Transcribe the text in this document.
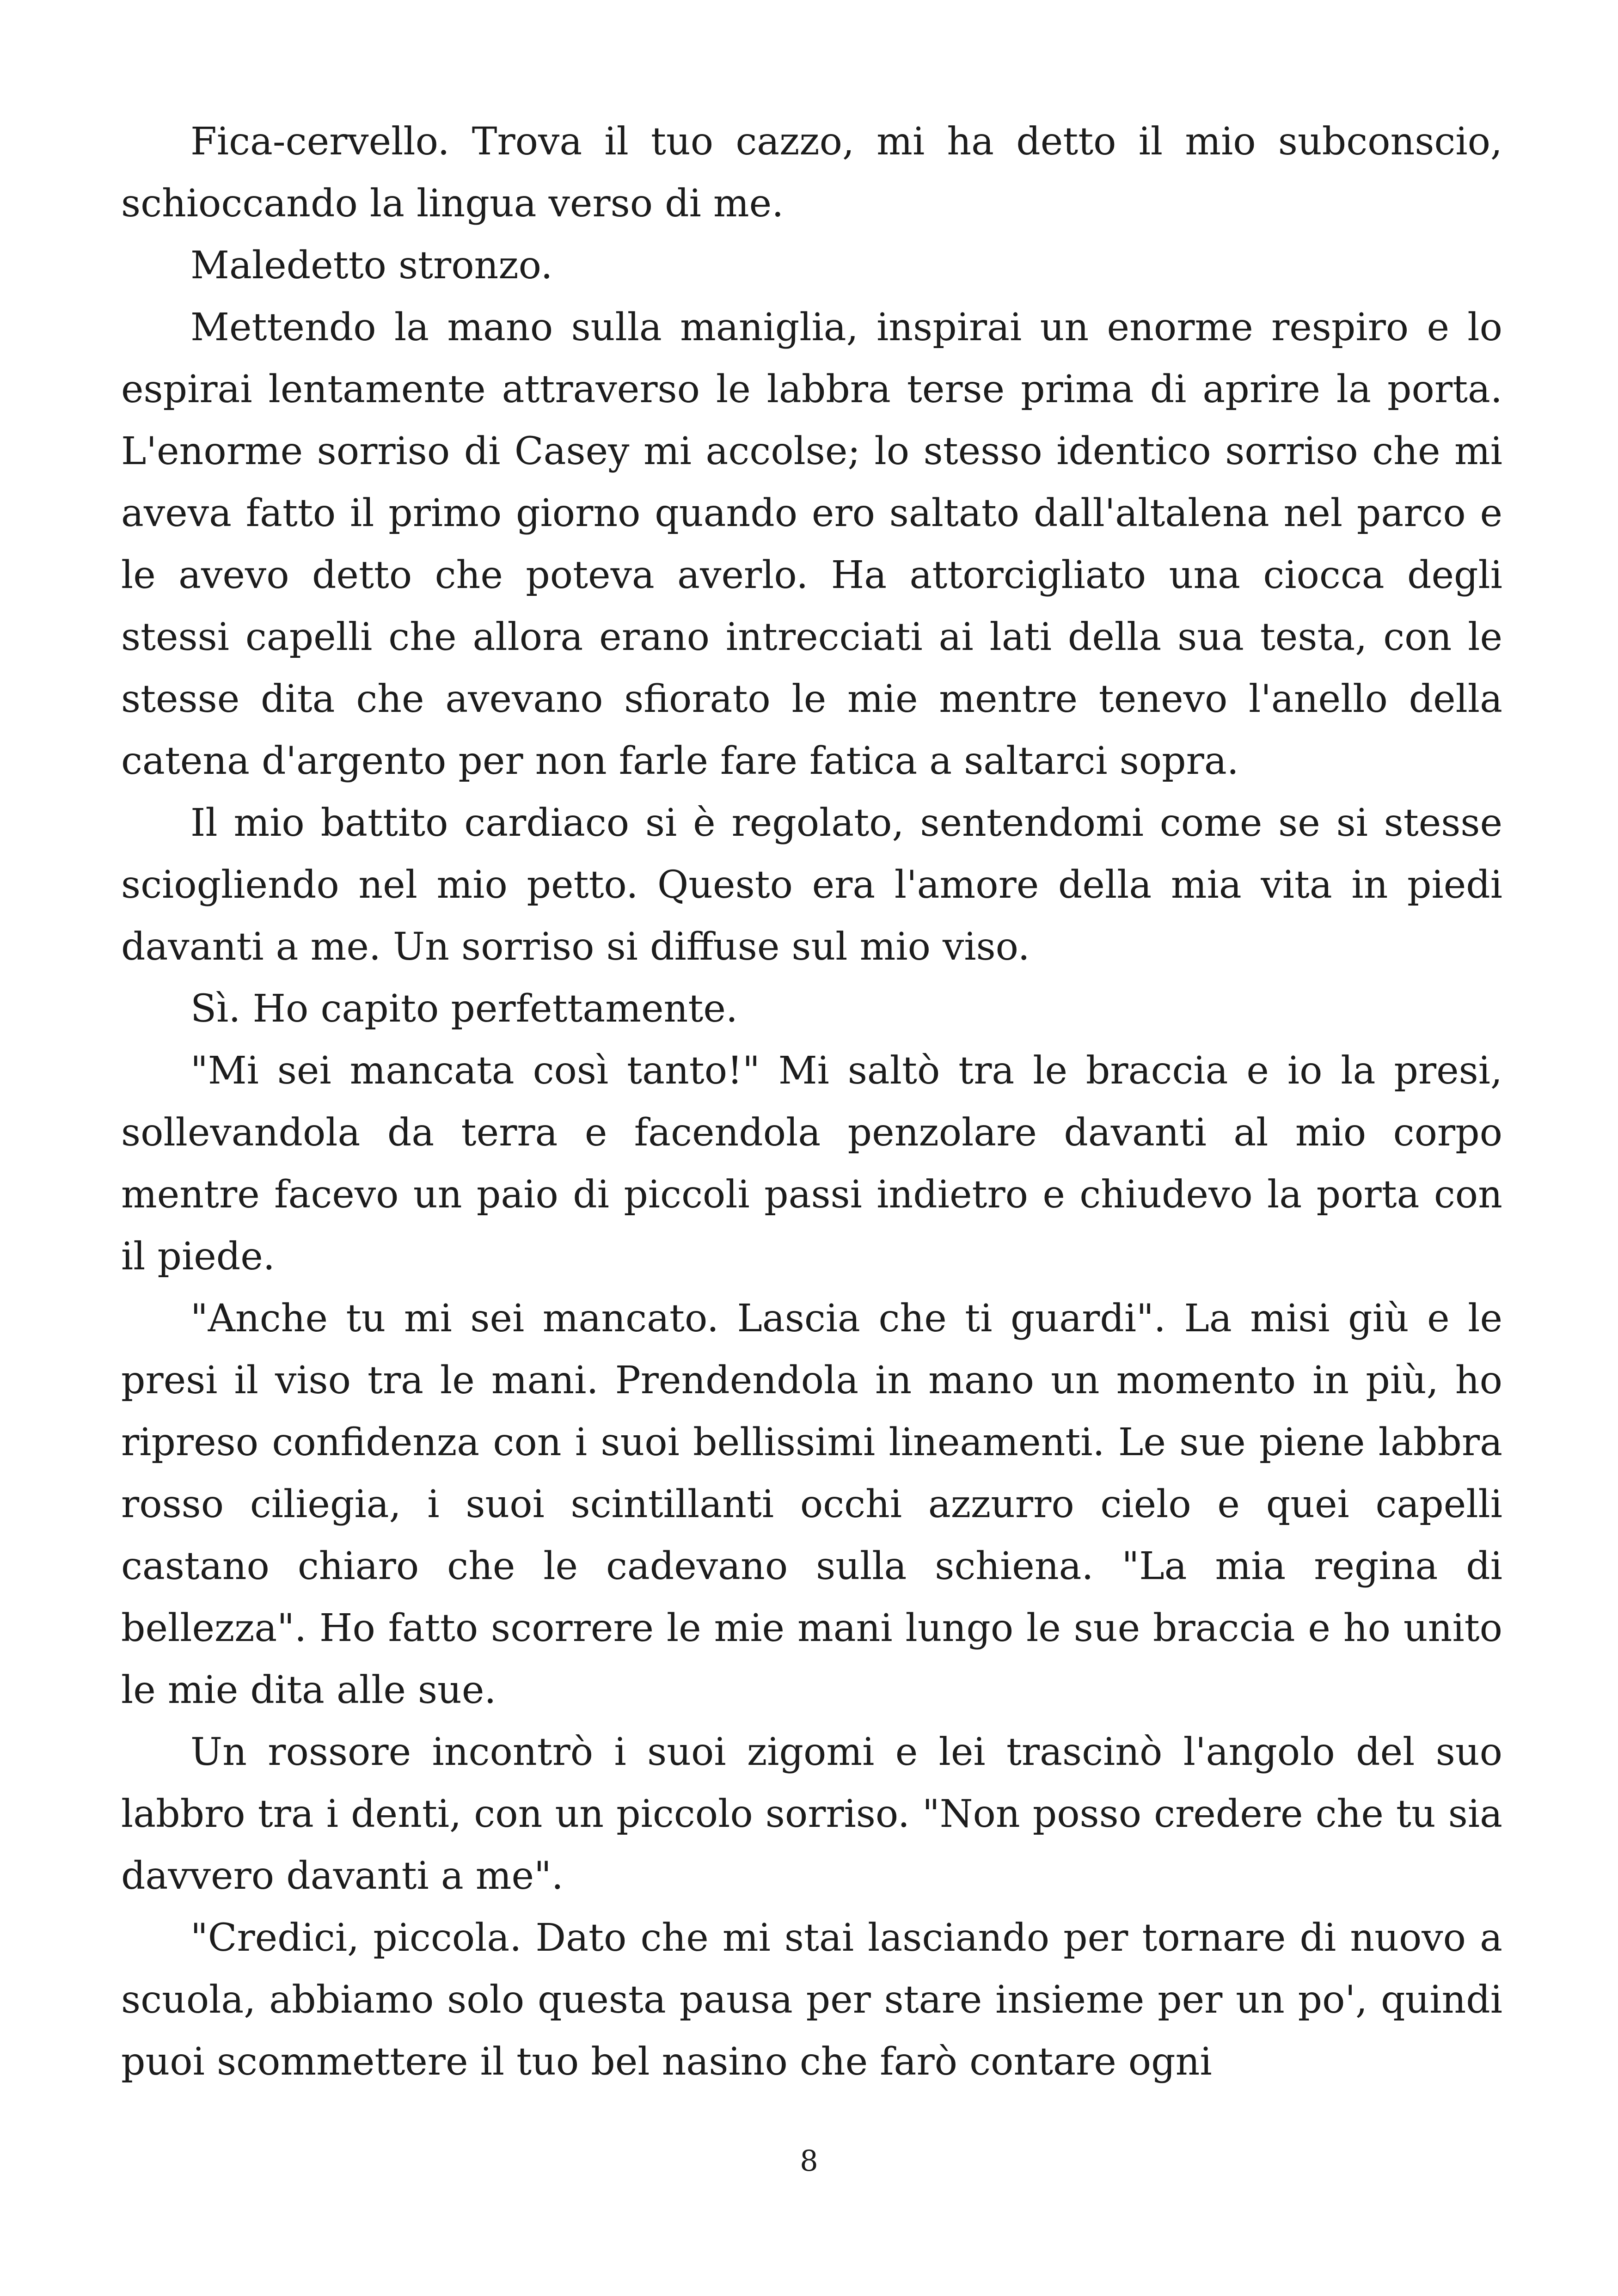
Fica-cervello. Trova il tuo cazzo, mi ha detto il mio subconscio, schioccando la lingua verso di me.

Maledetto stronzo.

Mettendo la mano sulla maniglia, inspirai un enorme respiro e lo espirai lentamente attraverso le labbra terse prima di aprire la porta. L'enorme sorriso di Casey mi accolse; lo stesso identico sorriso che mi aveva fatto il primo giorno quando ero saltato dall'altalena nel parco e le avevo detto che poteva averlo. Ha attorcigliato una ciocca degli stessi capelli che allora erano intrecciati ai lati della sua testa, con le stesse dita che avevano sfiorato le mie mentre tenevo l'anello della catena d'argento per non farle fare fatica a saltarci sopra.

Il mio battito cardiaco si è regolato, sentendomi come se si stesse sciogliendo nel mio petto. Questo era l'amore della mia vita in piedi davanti a me. Un sorriso si diffuse sul mio viso.

Sì. Ho capito perfettamente.

"Mi sei mancata così tanto!" Mi saltò tra le braccia e io la presi, sollevandola da terra e facendola penzolare davanti al mio corpo mentre facevo un paio di piccoli passi indietro e chiudevo la porta con il piede.

"Anche tu mi sei mancato. Lascia che ti guardi". La misi giù e le presi il viso tra le mani. Prendendola in mano un momento in più, ho ripreso confidenza con i suoi bellissimi lineamenti. Le sue piene labbra rosso ciliegia, i suoi scintillanti occhi azzurro cielo e quei capelli castano chiaro che le cadevano sulla schiena. "La mia regina di bellezza". Ho fatto scorrere le mie mani lungo le sue braccia e ho unito le mie dita alle sue.

Un rossore incontrò i suoi zigomi e lei trascinò l'angolo del suo labbro tra i denti, con un piccolo sorriso. "Non posso credere che tu sia davvero davanti a me".

"Credici, piccola. Dato che mi stai lasciando per tornare di nuovo a scuola, abbiamo solo questa pausa per stare insieme per un po', quindi puoi scommettere il tuo bel nasino che farò contare ogni

8
